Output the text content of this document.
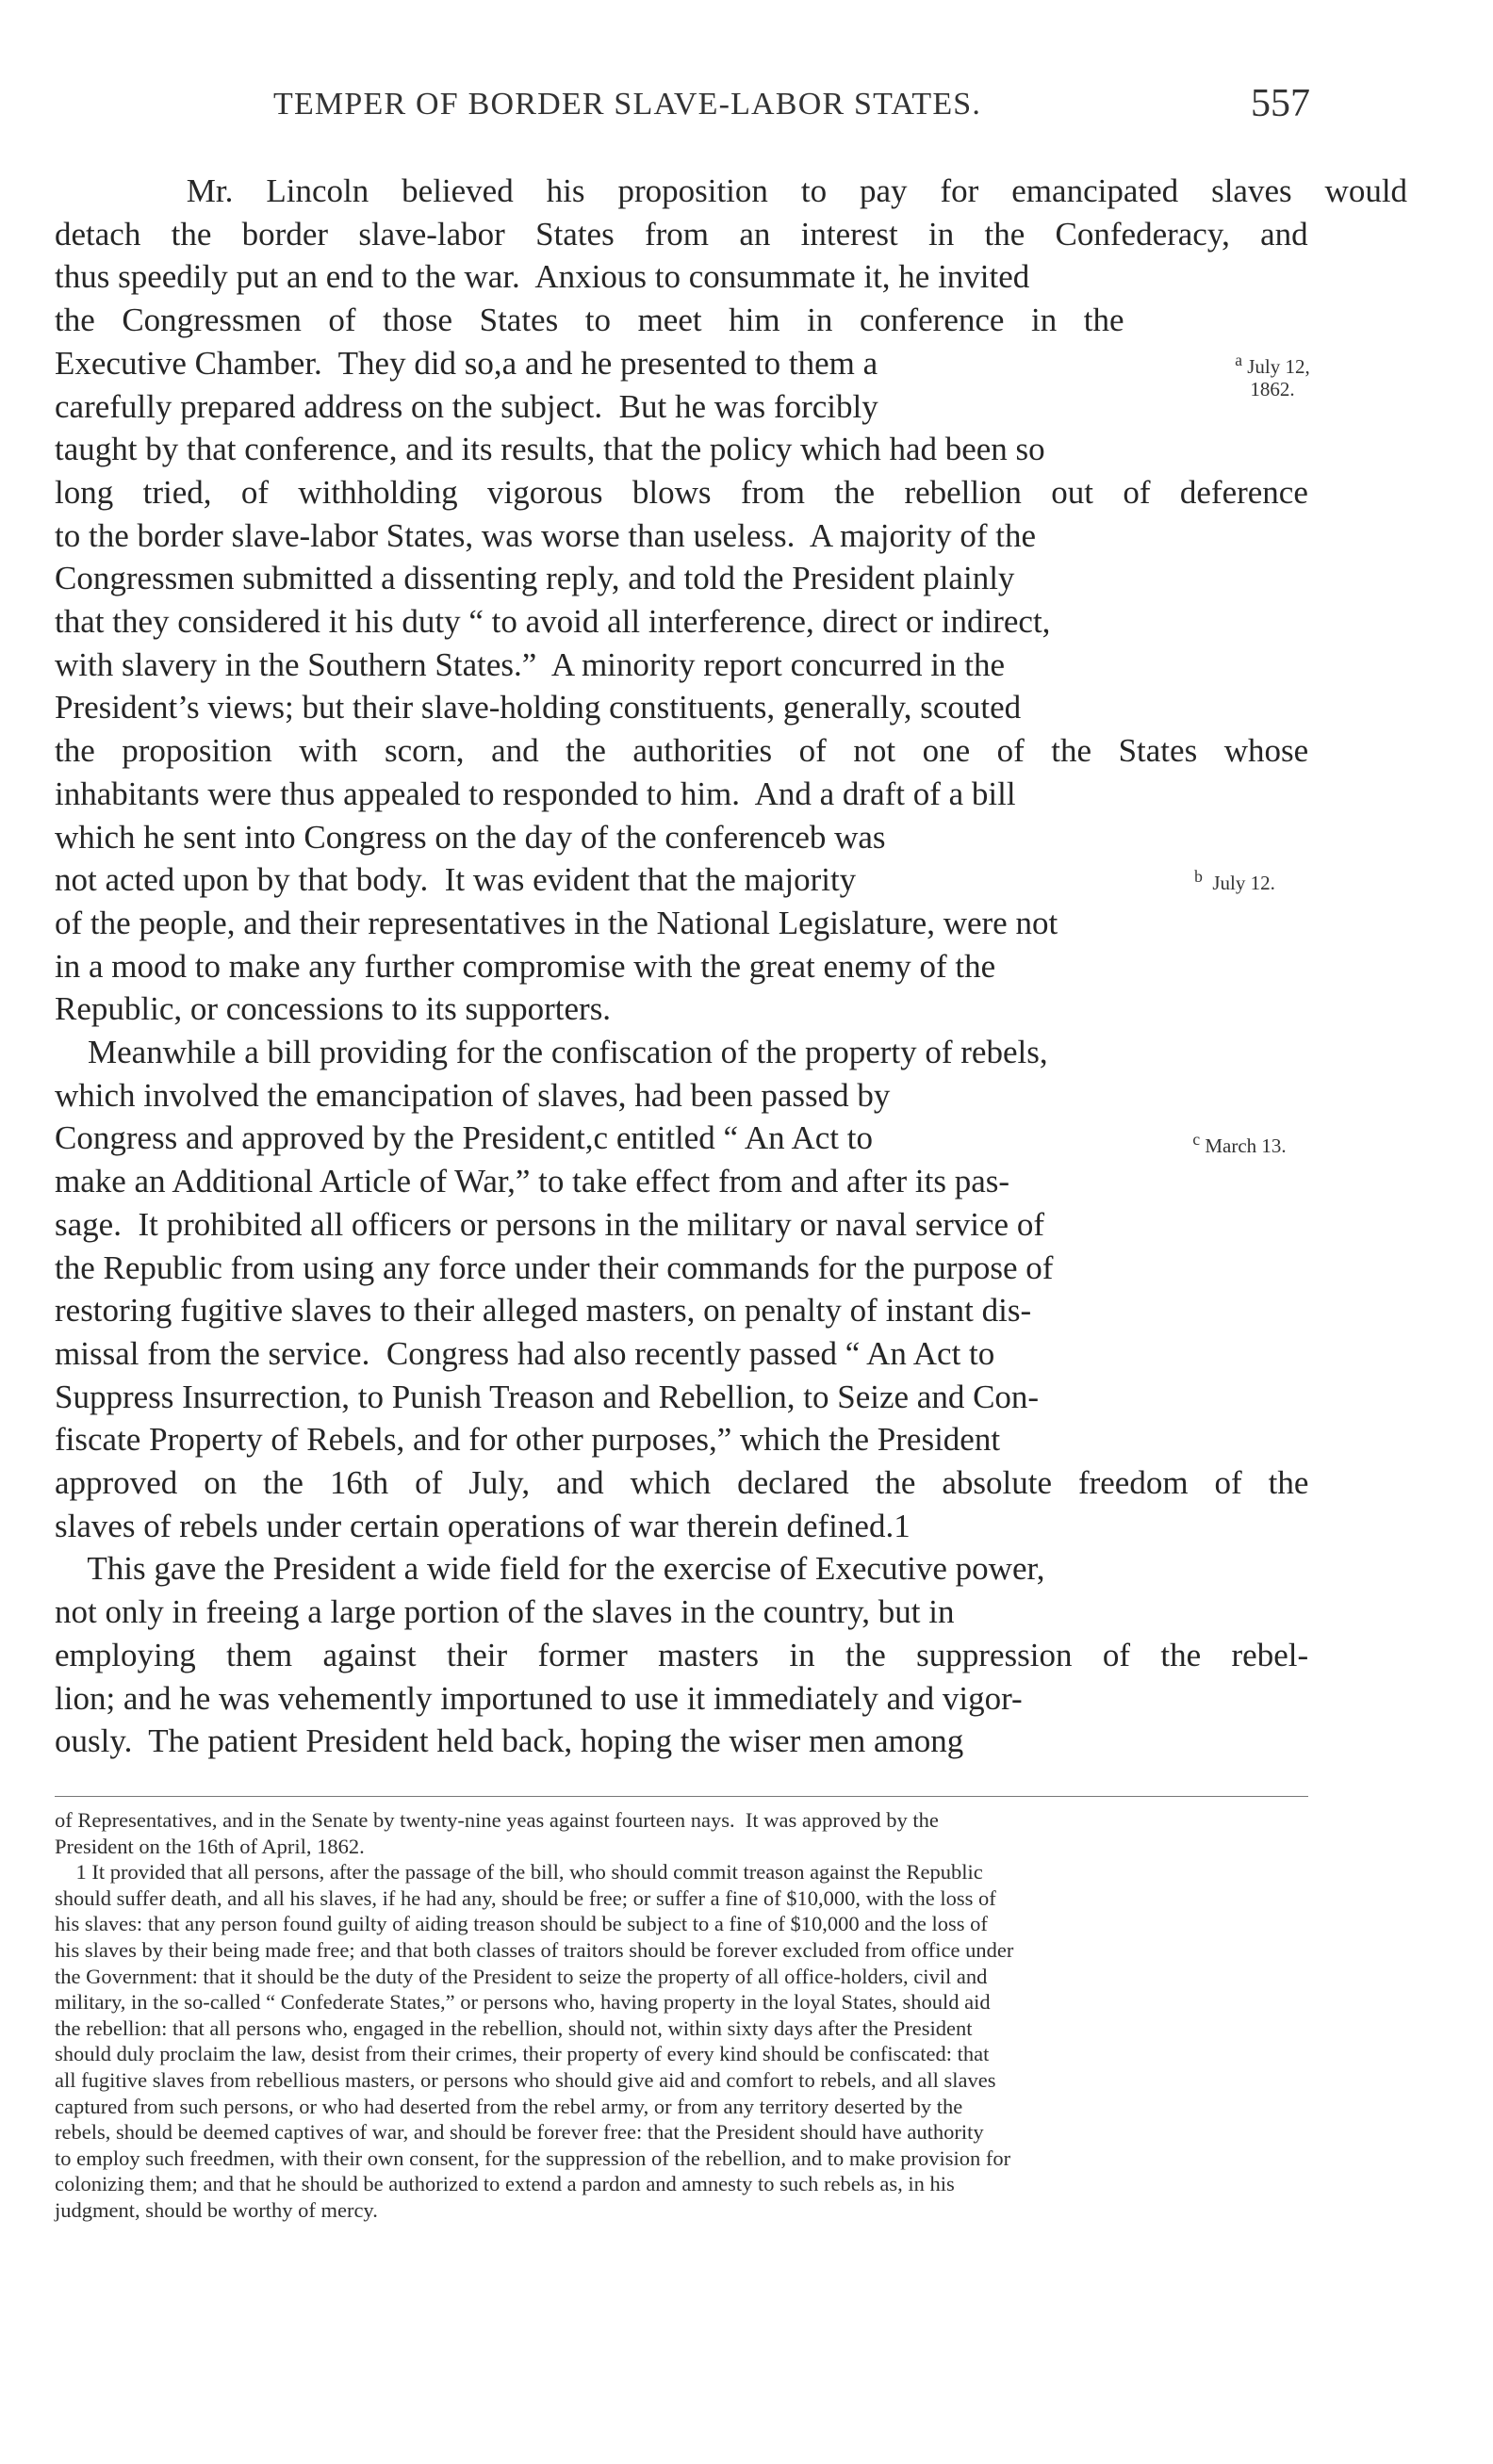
TEMPER OF BORDER SLAVE-LABOR STATES.	557
Mr. Lincoln believed his proposition to pay for emancipated slaves would
detach the border slave-labor States from an interest in the Confederacy, and
thus speedily put an end to the war.  Anxious to consummate it, he invited
the Congressmen of those States to meet him in conference in the
Executive Chamber.  They did so,a and he presented to them a
carefully prepared address on the subject.  But he was forcibly
taught by that conference, and its results, that the policy which had been so
long tried, of withholding vigorous blows from the rebellion out of deference
to the border slave-labor States, was worse than useless.  A majority of the
Congressmen submitted a dissenting reply, and told the President plainly
that they considered it his duty “ to avoid all interference, direct or indirect,
with slavery in the Southern States.”  A minority report concurred in the
President’s views; but their slave-holding constituents, generally, scouted
the proposition with scorn, and the authorities of not one of the States whose
inhabitants were thus appealed to responded to him.  And a draft of a bill
which he sent into Congress on the day of the conferenceb was
not acted upon by that body.  It was evident that the majority
of the people, and their representatives in the National Legislature, were not
in a mood to make any further compromise with the great enemy of the
Republic, or concessions to its supporters.
Meanwhile a bill providing for the confiscation of the property of rebels,
which involved the emancipation of slaves, had been passed by
Congress and approved by the President,c entitled “ An Act to
make an Additional Article of War,” to take effect from and after its pas-
sage.  It prohibited all officers or persons in the military or naval service of
the Republic from using any force under their commands for the purpose of
restoring fugitive slaves to their alleged masters, on penalty of instant dis-
missal from the service.  Congress had also recently passed “ An Act to
Suppress Insurrection, to Punish Treason and Rebellion, to Seize and Con-
fiscate Property of Rebels, and for other purposes,” which the President
approved on the 16th of July, and which declared the absolute freedom of the
slaves of rebels under certain operations of war therein defined.1
This gave the President a wide field for the exercise of Executive power,
not only in freeing a large portion of the slaves in the country, but in
employing them against their former masters in the suppression of the rebel-
lion; and he was vehemently importuned to use it immediately and vigor-
ously.  The patient President held back, hoping the wiser men among
$^a$ July 12,
1862.
$^b$ July 12.
$^c$ March 13.
of Representatives, and in the Senate by twenty-nine yeas against fourteen nays.  It was approved by the
President on the 16th of April, 1862.
1 It provided that all persons, after the passage of the bill, who should commit treason against the Republic
should suffer death, and all his slaves, if he had any, should be free; or suffer a fine of $10,000, with the loss of
his slaves: that any person found guilty of aiding treason should be subject to a fine of $10,000 and the loss of
his slaves by their being made free; and that both classes of traitors should be forever excluded from office under
the Government: that it should be the duty of the President to seize the property of all office-holders, civil and
military, in the so-called “ Confederate States,” or persons who, having property in the loyal States, should aid
the rebellion: that all persons who, engaged in the rebellion, should not, within sixty days after the President
should duly proclaim the law, desist from their crimes, their property of every kind should be confiscated: that
all fugitive slaves from rebellious masters, or persons who should give aid and comfort to rebels, and all slaves
captured from such persons, or who had deserted from the rebel army, or from any territory deserted by the
rebels, should be deemed captives of war, and should be forever free: that the President should have authority
to employ such freedmen, with their own consent, for the suppression of the rebellion, and to make provision for
colonizing them; and that he should be authorized to extend a pardon and amnesty to such rebels as, in his
judgment, should be worthy of mercy.
